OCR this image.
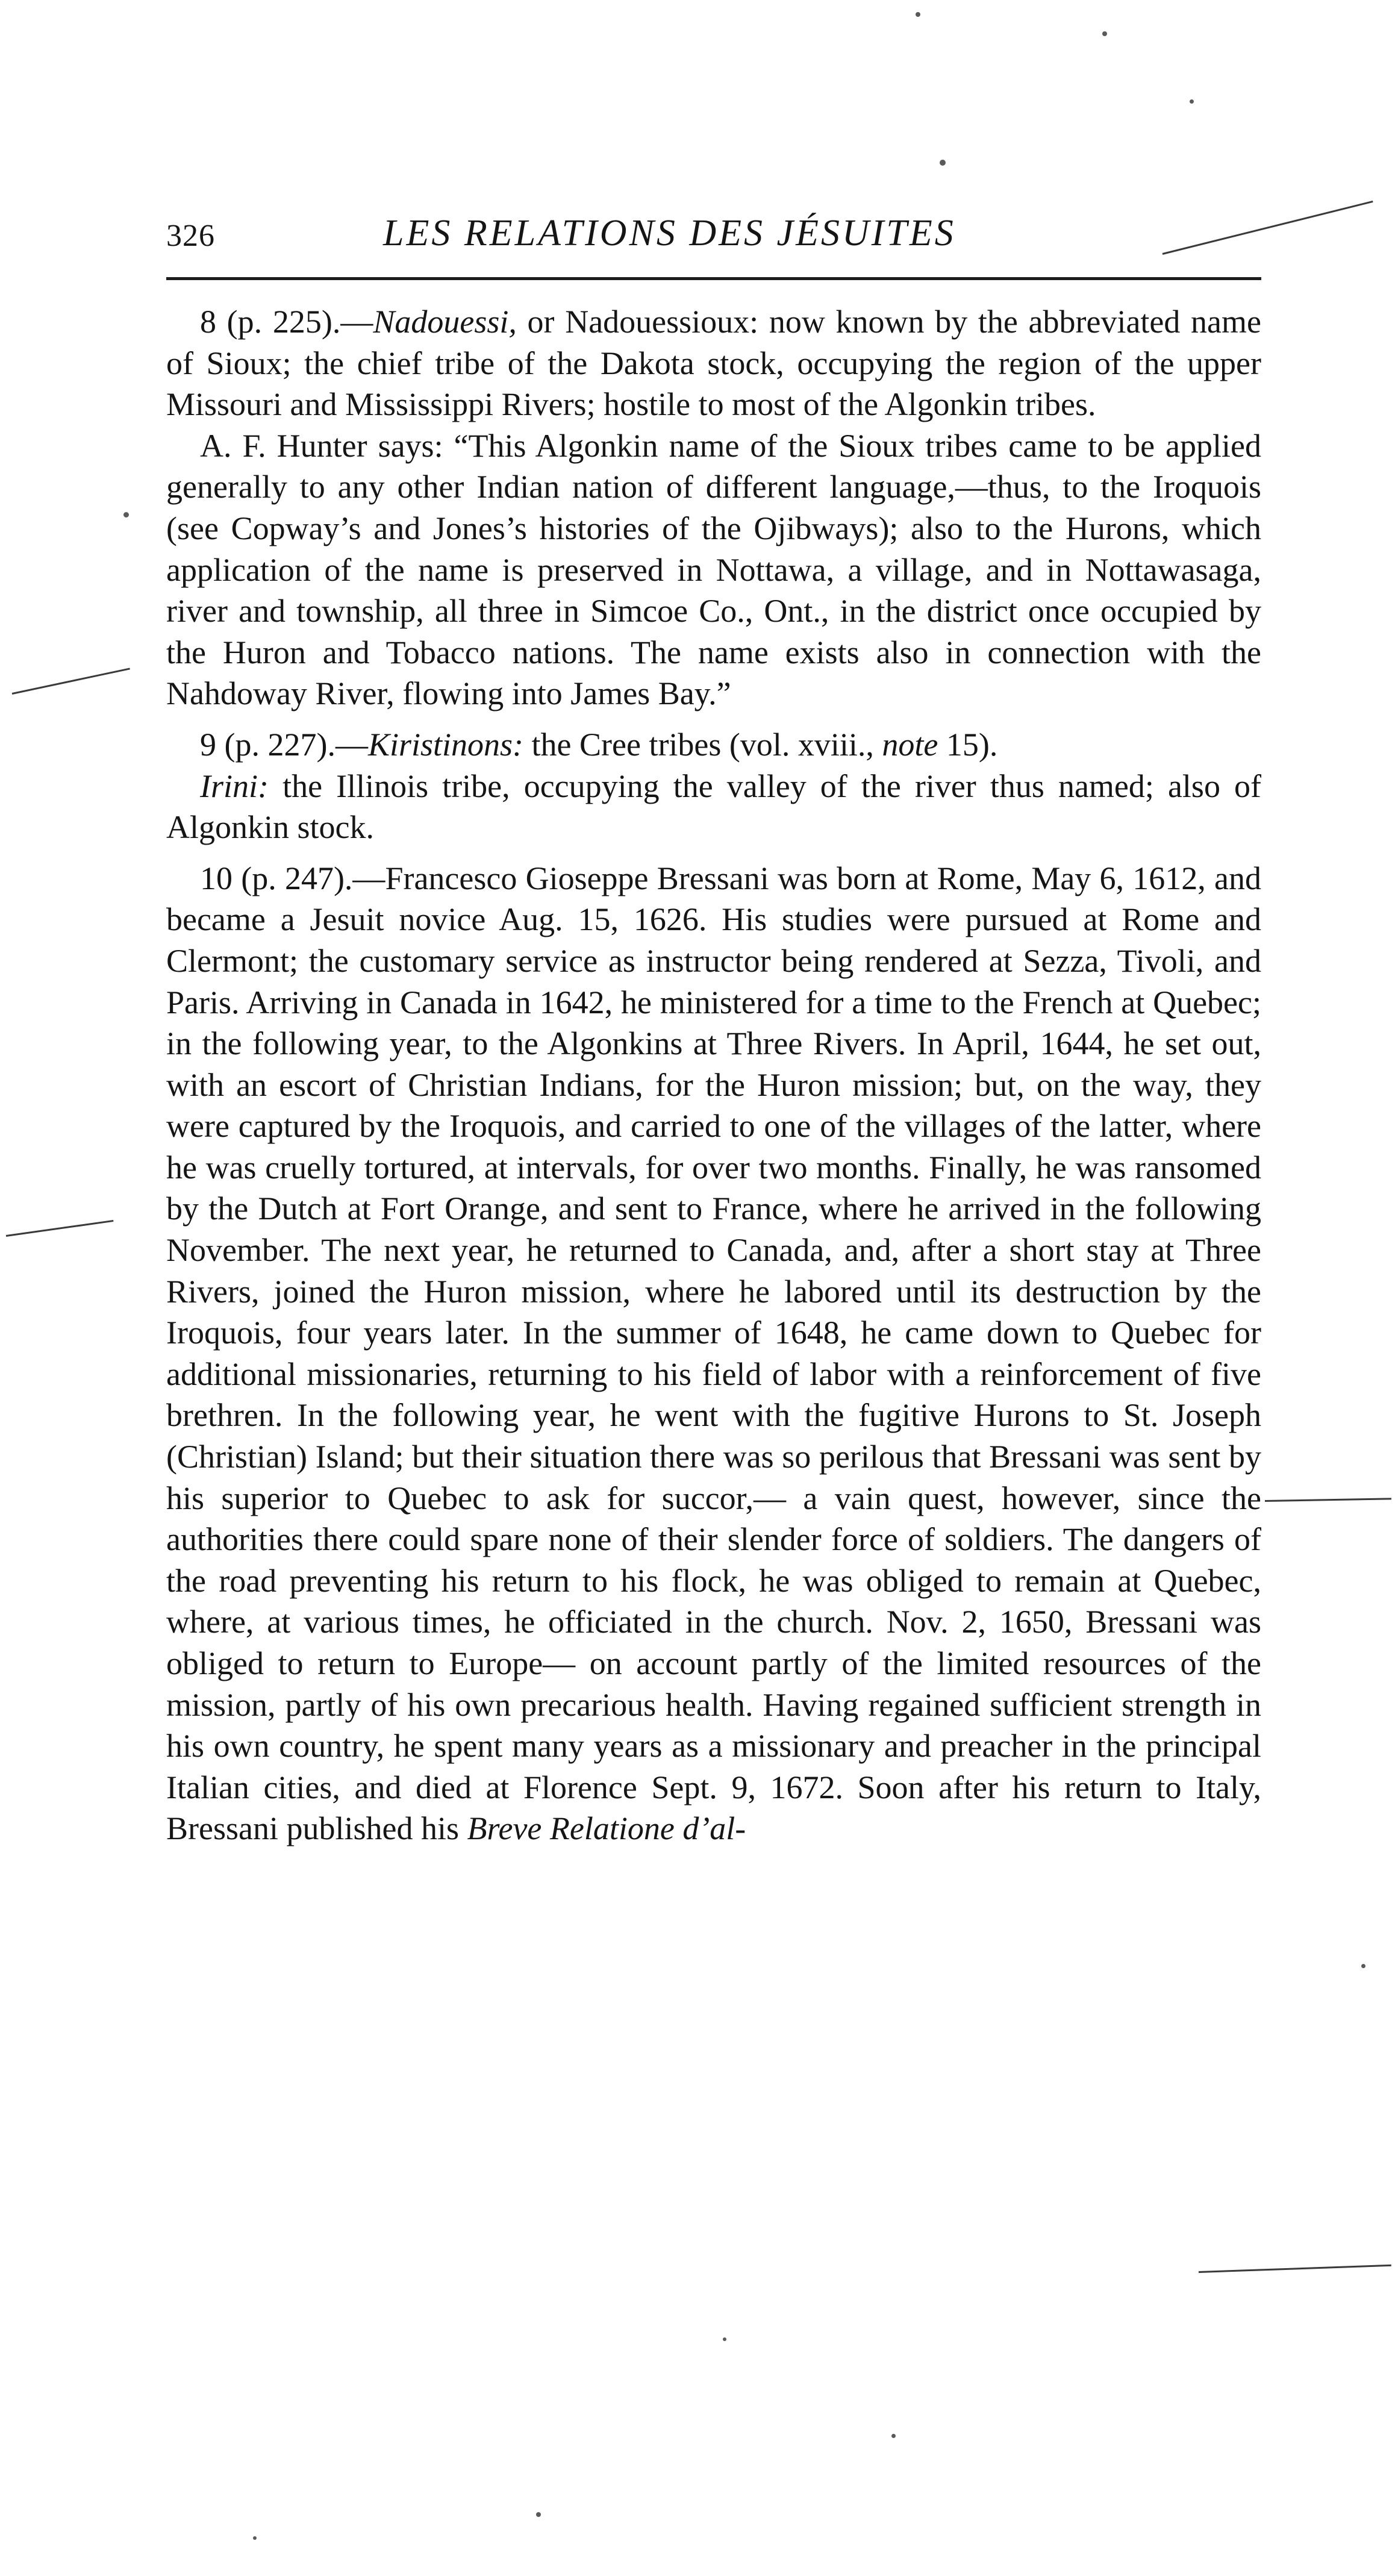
326	LES RELATIONS DES JÉSUITES

8 (p. 225).—Nadouessi, or Nadouessioux: now known by the abbreviated name of Sioux; the chief tribe of the Dakota stock, occupying the region of the upper Missouri and Mississippi Rivers; hostile to most of the Algonkin tribes.

A. F. Hunter says: “This Algonkin name of the Sioux tribes came to be applied generally to any other Indian nation of different language,—thus, to the Iroquois (see Copway’s and Jones’s histories of the Ojibways); also to the Hurons, which application of the name is preserved in Nottawa, a village, and in Nottawasaga, river and township, all three in Simcoe Co., Ont., in the district once occupied by the Huron and Tobacco nations. The name exists also in connection with the Nahdoway River, flowing into James Bay.”

9 (p. 227).—Kiristinons: the Cree tribes (vol. xviii., note 15).

Irini: the Illinois tribe, occupying the valley of the river thus named; also of Algonkin stock.

10 (p. 247).—Francesco Gioseppe Bressani was born at Rome, May 6, 1612, and became a Jesuit novice Aug. 15, 1626. His studies were pursued at Rome and Clermont; the customary service as instructor being rendered at Sezza, Tivoli, and Paris. Arriving in Canada in 1642, he ministered for a time to the French at Quebec; in the following year, to the Algonkins at Three Rivers. In April, 1644, he set out, with an escort of Christian Indians, for the Huron mission; but, on the way, they were captured by the Iroquois, and carried to one of the villages of the latter, where he was cruelly tortured, at intervals, for over two months. Finally, he was ransomed by the Dutch at Fort Orange, and sent to France, where he arrived in the following November. The next year, he returned to Canada, and, after a short stay at Three Rivers, joined the Huron mission, where he labored until its destruction by the Iroquois, four years later. In the summer of 1648, he came down to Quebec for additional missionaries, returning to his field of labor with a reinforcement of five brethren. In the following year, he went with the fugitive Hurons to St. Joseph (Christian) Island; but their situation there was so perilous that Bressani was sent by his superior to Quebec to ask for succor,— a vain quest, however, since the authorities there could spare none of their slender force of soldiers. The dangers of the road preventing his return to his flock, he was obliged to remain at Quebec, where, at various times, he officiated in the church. Nov. 2, 1650, Bressani was obliged to return to Europe— on account partly of the limited resources of the mission, partly of his own precarious health. Having regained sufficient strength in his own country, he spent many years as a missionary and preacher in the principal Italian cities, and died at Florence Sept. 9, 1672. Soon after his return to Italy, Bressani published his Breve Relatione d’al-
